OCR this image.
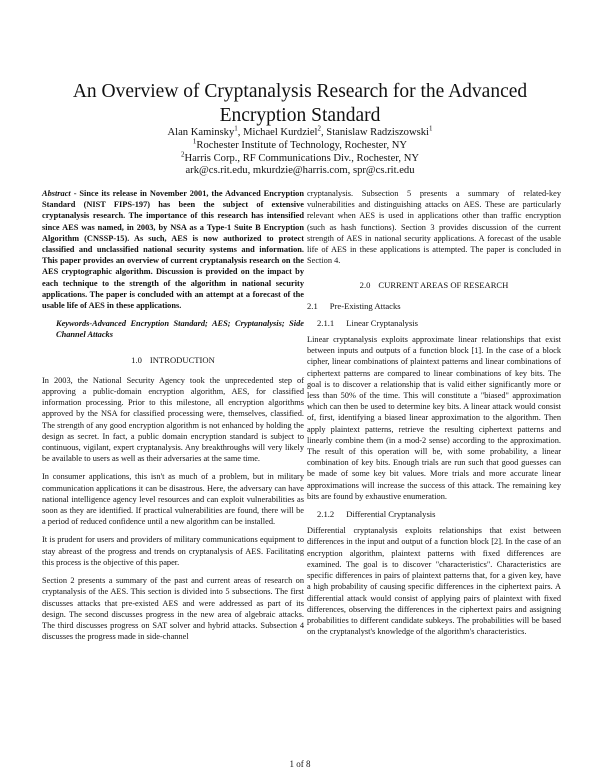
An Overview of Cryptanalysis Research for the Advanced
Encryption Standard
Alan Kaminsky$^1$, Michael Kurdziel$^2$, Stanislaw Radziszowski$^1$
$^1$Rochester Institute of Technology, Rochester, NY
$^2$Harris Corp., RF Communications Div., Rochester, NY
ark@cs.rit.edu, mkurdzie@harris.com, spr@cs.rit.edu

Abstract - Since its release in November 2001, the Advanced Encryption Standard (NIST FIPS-197) has been the subject of extensive cryptanalysis research. The importance of this research has intensified since AES was named, in 2003, by NSA as a Type-1 Suite B Encryption Algorithm (CNSSP-15). As such, AES is now authorized to protect classified and unclassified national security systems and information. This paper provides an overview of current cryptanalysis research on the AES cryptographic algorithm. Discussion is provided on the impact by each technique to the strength of the algorithm in national security applications. The paper is concluded with an attempt at a forecast of the usable life of AES in these applications.

Keywords-Advanced Encryption Standard; AES; Cryptanalysis; Side Channel Attacks

1.0 INTRODUCTION

In 2003, the National Security Agency took the unprecedented step of approving a public-domain encryption algorithm, AES, for classified information processing. Prior to this milestone, all encryption algorithms approved by the NSA for classified processing were, themselves, classified. The strength of any good encryption algorithm is not enhanced by holding the design as secret. In fact, a public domain encryption standard is subject to continuous, vigilant, expert cryptanalysis. Any breakthroughs will very likely be available to users as well as their adversaries at the same time.

In consumer applications, this isn't as much of a problem, but in military communication applications it can be disastrous. Here, the adversary can have national intelligence agency level resources and can exploit vulnerabilities as soon as they are identified. If practical vulnerabilities are found, there will be a period of reduced confidence until a new algorithm can be installed.

It is prudent for users and providers of military communications equipment to stay abreast of the progress and trends on cryptanalysis of AES. Facilitating this process is the objective of this paper.

Section 2 presents a summary of the past and current areas of research on cryptanalysis of the AES. This section is divided into 5 subsections. The first discusses attacks that pre-existed AES and were addressed as part of its design. The second discusses progress in the new area of algebraic attacks. The third discusses progress on SAT solver and hybrid attacks. Subsection 4 discusses the progress made in side-channel

cryptanalysis. Subsection 5 presents a summary of related-key vulnerabilities and distinguishing attacks on AES. These are particularly relevant when AES is used in applications other than traffic encryption (such as hash functions). Section 3 provides discussion of the current strength of AES in national security applications. A forecast of the usable life of AES in these applications is attempted. The paper is concluded in Section 4.

2.0 CURRENT AREAS OF RESEARCH
2.1 Pre-Existing Attacks
2.1.1 Linear Cryptanalysis

Linear cryptanalysis exploits approximate linear relationships that exist between inputs and outputs of a function block [1]. In the case of a block cipher, linear combinations of plaintext patterns and linear combinations of ciphertext patterns are compared to linear combinations of key bits. The goal is to discover a relationship that is valid either significantly more or less than 50% of the time. This will constitute a "biased" approximation which can then be used to determine key bits. A linear attack would consist of, first, identifying a biased linear approximation to the algorithm. Then apply plaintext patterns, retrieve the resulting ciphertext patterns and linearly combine them (in a mod-2 sense) according to the approximation. The result of this operation will be, with some probability, a linear combination of key bits. Enough trials are run such that good guesses can be made of some key bit values. More trials and more accurate linear approximations will increase the success of this attack. The remaining key bits are found by exhaustive enumeration.

2.1.2 Differential Cryptanalysis

Differential cryptanalysis exploits relationships that exist between differences in the input and output of a function block [2]. In the case of an encryption algorithm, plaintext patterns with fixed differences are examined. The goal is to discover "characteristics". Characteristics are specific differences in pairs of plaintext patterns that, for a given key, have a high probability of causing specific differences in the ciphertext pairs. A differential attack would consist of applying pairs of plaintext with fixed differences, observing the differences in the ciphertext pairs and assigning probabilities to different candidate subkeys. The probabilities will be based on the cryptanalyst's knowledge of the algorithm's characteristics.

1 of 8
